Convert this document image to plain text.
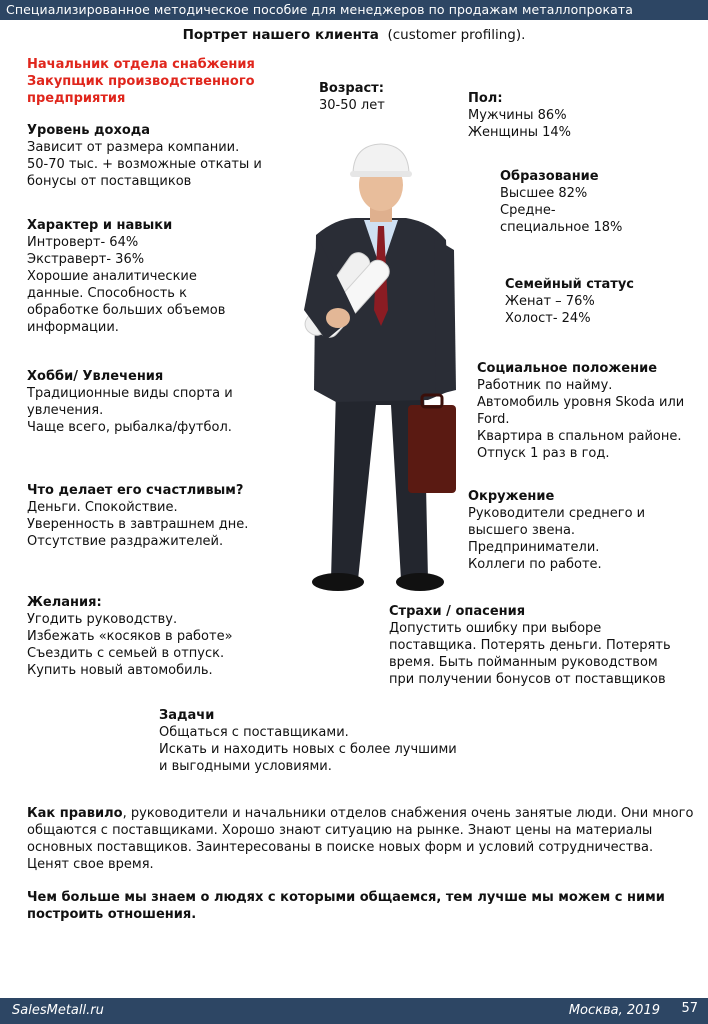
Специализированное методическое пособие для менеджеров по продажам металлопроката
Портрет нашего клиента (customer profiling).
Начальник отдела снабжения
Закупщик производственного
предприятия
Уровень дохода
Зависит от размера компании.
50-70 тыс. + возможные откаты и
бонусы от поставщиков
Характер и навыки
Интроверт- 64%
Экстраверт- 36%
Хорошие аналитические
данные. Способность к
обработке больших объемов
информации.
Хобби/ Увлечения
Традиционные виды спорта и
увлечения.
Чаще всего, рыбалка/футбол.
Что делает его счастливым?
Деньги. Спокойствие.
Уверенность в завтрашнем дне.
Отсутствие раздражителей.
Желания:
Угодить руководству.
Избежать «косяков в работе»
Съездить с семьей в отпуск.
Купить новый автомобиль.
Возраст:
30-50 лет	Пол:
Мужчины 86%
Женщины 14%
Образование
Высшее 82%
Средне-
специальное 18%
Семейный статус
Женат – 76%
Холост- 24%
Социальное положение
Работник по найму.
Автомобиль уровня Skoda или
Ford.
Квартира в спальном районе.
Отпуск 1 раз в год.
Окружение
Руководители среднего и
высшего звена.
Предприниматели.
Коллеги по работе.
Страхи / опасения
Допустить ошибку при выборе
поставщика. Потерять деньги. Потерять
время. Быть пойманным руководством
при получении бонусов от поставщиков
Задачи
Общаться с поставщиками.
Искать и находить новых с более лучшими
и выгодными условиями.
Как правило, руководители и начальники отделов снабжения очень занятые люди. Они много общаются с поставщиками. Хорошо знают ситуацию на рынке. Знают цены на материалы основных поставщиков. Заинтересованы в поиске новых форм и условий сотрудничества. Ценят свое время.
Чем больше мы знаем о людях с которыми общаемся, тем лучше мы можем с ними построить отношения.
SalesMetall.ru	Москва, 2019 57
